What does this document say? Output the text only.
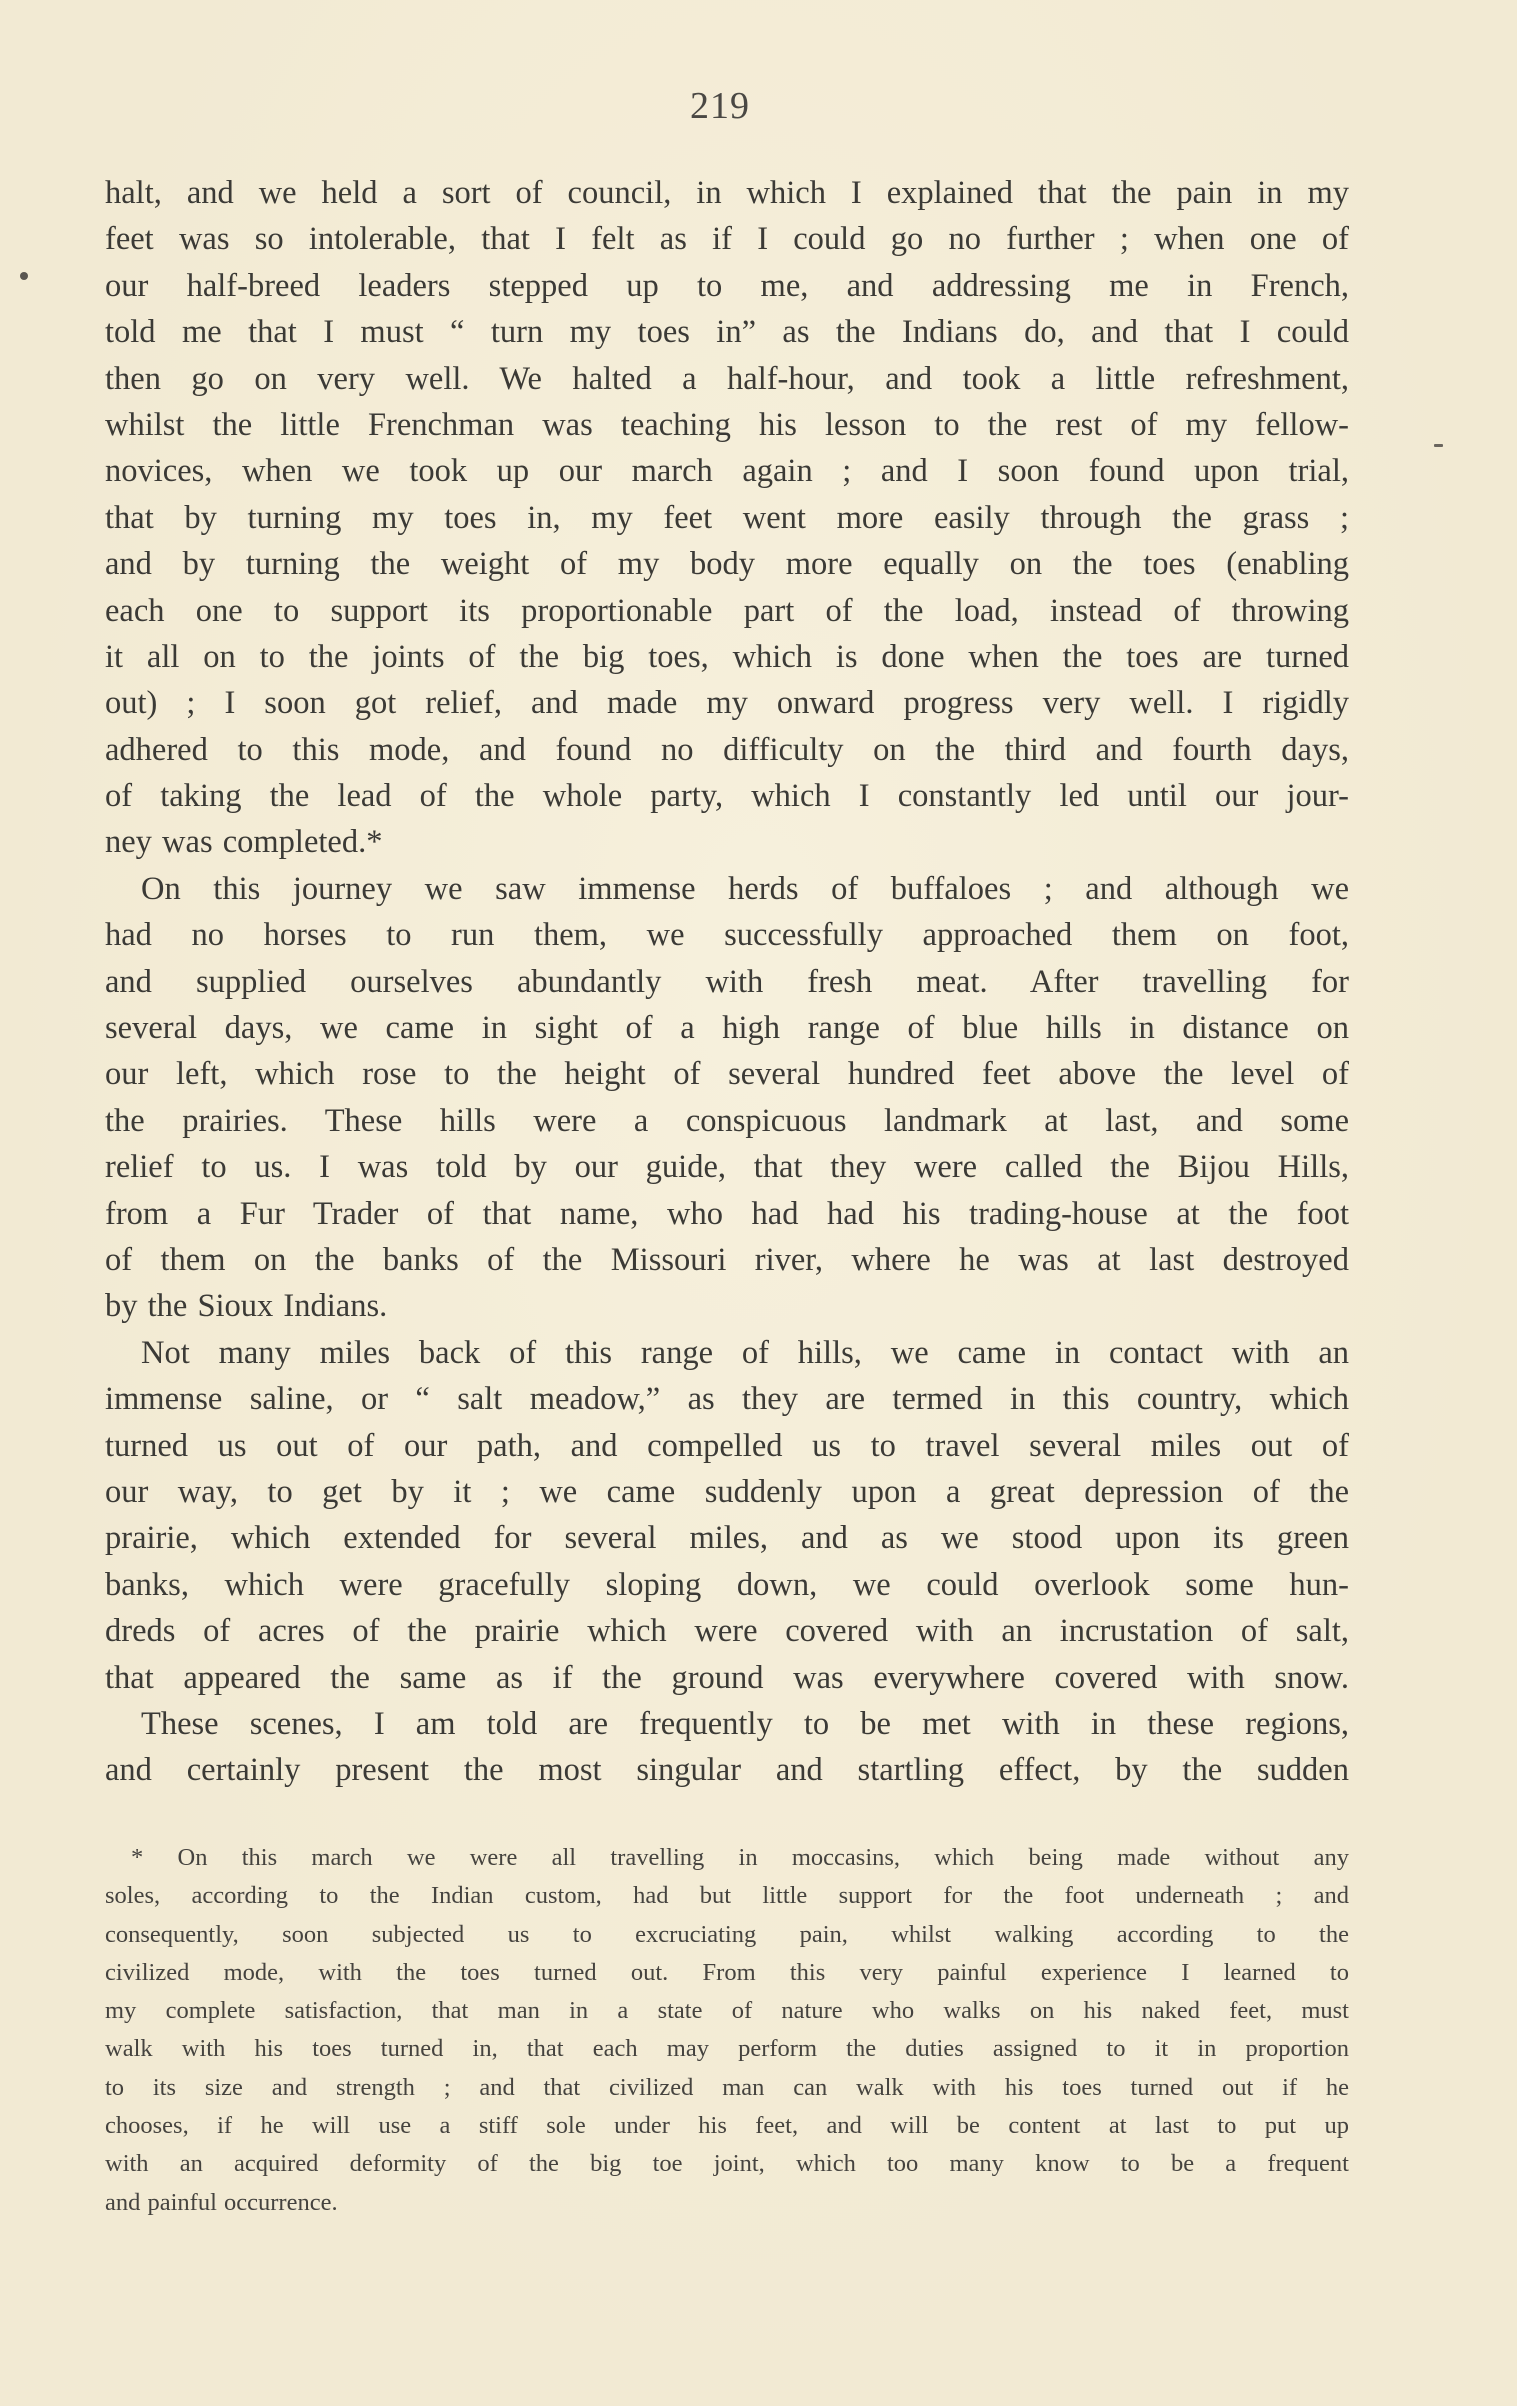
219
halt, and we held a sort of council, in which I explained that the pain in my
feet was so intolerable, that I felt as if I could go no further ; when one of
our half-breed leaders stepped up to me, and addressing me in French,
told me that I must “ turn my toes in” as the Indians do, and that I could
then go on very well. We halted a half-hour, and took a little refreshment,
whilst the little Frenchman was teaching his lesson to the rest of my fellow-
novices, when we took up our march again ; and I soon found upon trial,
that by turning my toes in, my feet went more easily through the grass ;
and by turning the weight of my body more equally on the toes (enabling
each one to support its proportionable part of the load, instead of throwing
it all on to the joints of the big toes, which is done when the toes are turned
out) ; I soon got relief, and made my onward progress very well. I rigidly
adhered to this mode, and found no difficulty on the third and fourth days,
of taking the lead of the whole party, which I constantly led until our jour-
ney was completed.*
On this journey we saw immense herds of buffaloes ; and although we
had no horses to run them, we successfully approached them on foot,
and supplied ourselves abundantly with fresh meat. After travelling for
several days, we came in sight of a high range of blue hills in distance on
our left, which rose to the height of several hundred feet above the level of
the prairies. These hills were a conspicuous landmark at last, and some
relief to us. I was told by our guide, that they were called the Bijou Hills,
from a Fur Trader of that name, who had had his trading-house at the foot
of them on the banks of the Missouri river, where he was at last destroyed
by the Sioux Indians.
Not many miles back of this range of hills, we came in contact with an
immense saline, or “ salt meadow,” as they are termed in this country, which
turned us out of our path, and compelled us to travel several miles out of
our way, to get by it ; we came suddenly upon a great depression of the
prairie, which extended for several miles, and as we stood upon its green
banks, which were gracefully sloping down, we could overlook some hun-
dreds of acres of the prairie which were covered with an incrustation of salt,
that appeared the same as if the ground was everywhere covered with snow.
These scenes, I am told are frequently to be met with in these regions,
and certainly present the most singular and startling effect, by the sudden
* On this march we were all travelling in moccasins, which being made without any
soles, according to the Indian custom, had but little support for the foot underneath ; and
consequently, soon subjected us to excruciating pain, whilst walking according to the
civilized mode, with the toes turned out. From this very painful experience I learned to
my complete satisfaction, that man in a state of nature who walks on his naked feet, must
walk with his toes turned in, that each may perform the duties assigned to it in proportion
to its size and strength ; and that civilized man can walk with his toes turned out if he
chooses, if he will use a stiff sole under his feet, and will be content at last to put up
with an acquired deformity of the big toe joint, which too many know to be a frequent
and painful occurrence.
